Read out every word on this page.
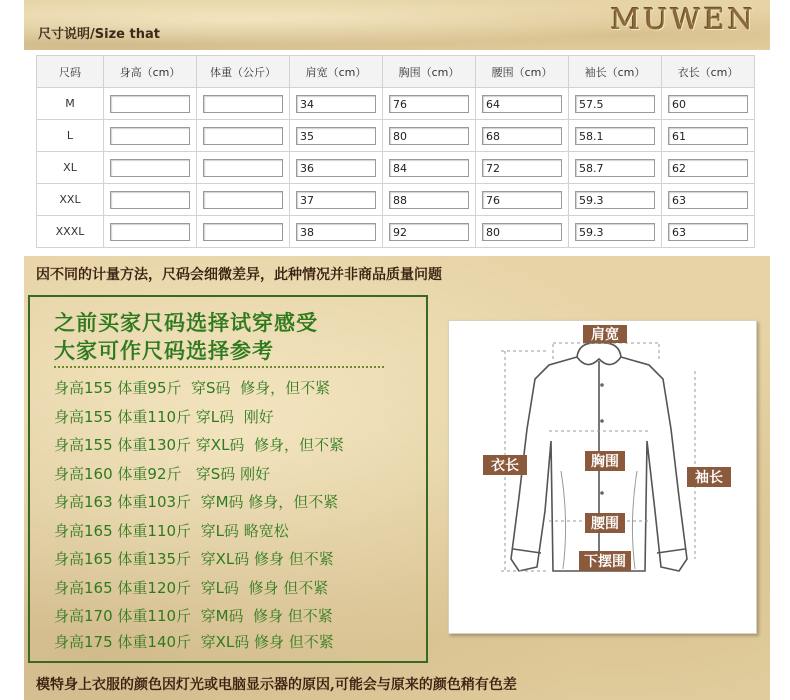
尺寸说明/Size that	MUWEN
尺码	身高（cm）	体重（公斤）	肩宽（cm）	胸围（cm）	腰围（cm）	袖长（cm）	衣长（cm）
M			34	76	64	57.5	60

L			35	80	68	58.1	61

XL			36	84	72	58.7	62

XXL			37	88	76	59.3	63

XXXL			38	92	80	59.3	63
因不同的计量方法，尺码会细微差异，此种情况并非商品质量问题
之前买家尺码选择试穿感受
大家可作尺码选择参考
身高155 体重95斤  穿S码  修身，但不紧
身高155 体重110斤 穿L码  刚好
身高155 体重130斤 穿XL码  修身，但不紧
身高160 体重92斤   穿S码 刚好
身高163 体重103斤  穿M码 修身，但不紧
身高165 体重110斤  穿L码 略宽松
身高165 体重135斤  穿XL码 修身 但不紧
身高165 体重120斤  穿L码  修身 但不紧
身高170 体重110斤  穿M码  修身 但不紧
身高175 体重140斤  穿XL码 修身 但不紧
肩宽
衣长	胸围
袖长
腰围
下摆围
模特身上衣服的颜色因灯光或电脑显示器的原因,可能会与原来的颜色稍有色差
